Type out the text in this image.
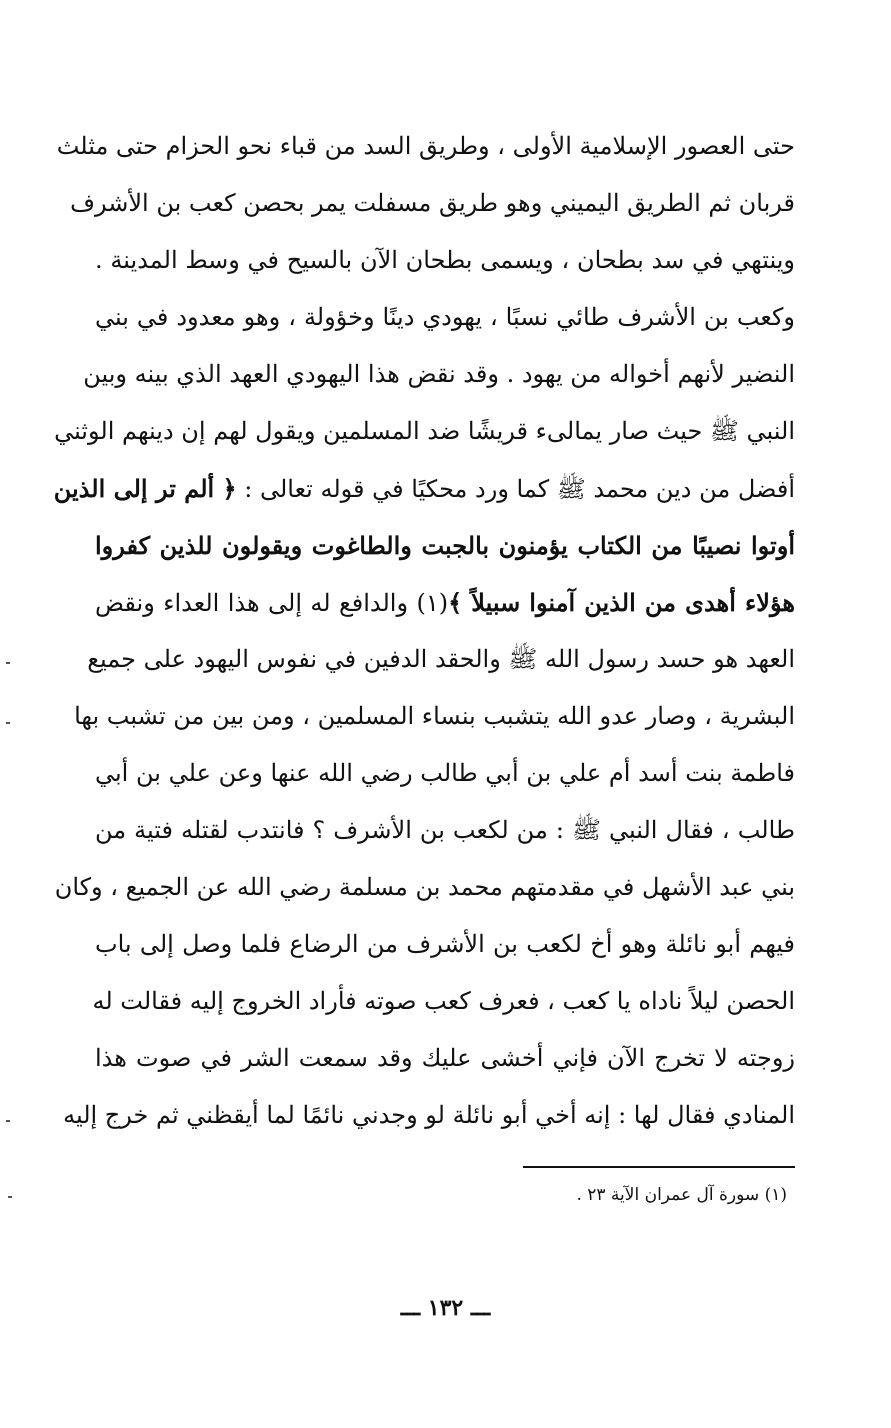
حتى العصور الإسلامية الأولى ، وطريق السد من قباء نحو الحزام حتى مثلث
قربان ثم الطريق اليميني وهو طريق مسفلت يمر بحصن كعب بن الأشرف
وينتهي في سد بطحان ، ويسمى بطحان الآن بالسيح في وسط المدينة .
وكعب بن الأشرف طائي نسبًا ، يهودي دينًا وخؤولة ، وهو معدود في بني
النضير لأنهم أخواله من يهود . وقد نقض هذا اليهودي العهد الذي بينه وبين
النبي ﷺ حيث صار يمالىء قريشًا ضد المسلمين ويقول لهم إن دينهم الوثني
أفضل من دين محمد ﷺ كما ورد محكيًا في قوله تعالى : ﴿ ألم تر إلى الذين
أوتوا نصيبًا من الكتاب يؤمنون بالجبت والطاغوت ويقولون للذين كفروا
هؤلاء أهدى من الذين آمنوا سبيلاً ﴾(١) والدافع له إلى هذا العداء ونقض
العهد هو حسد رسول الله ﷺ والحقد الدفين في نفوس اليهود على جميع
البشرية ، وصار عدو الله يتشبب بنساء المسلمين ، ومن بين من تشبب بها
فاطمة بنت أسد أم علي بن أبي طالب رضي الله عنها وعن علي بن أبي
طالب ، فقال النبي ﷺ : من لكعب بن الأشرف ؟ فانتدب لقتله فتية من
بني عبد الأشهل في مقدمتهم محمد بن مسلمة رضي الله عن الجميع ، وكان
فيهم أبو نائلة وهو أخ لكعب بن الأشرف من الرضاع فلما وصل إلى باب
الحصن ليلاً ناداه يا كعب ، فعرف كعب صوته فأراد الخروج إليه فقالت له
زوجته لا تخرج الآن فإني أخشى عليك وقد سمعت الشر في صوت هذا
المنادي فقال لها : إنه أخي أبو نائلة لو وجدني نائمًا لما أيقظني ثم خرج إليه
(١) سورة آل عمران الآية ٢٣ .
ـــ ١٣٢ ـــ
